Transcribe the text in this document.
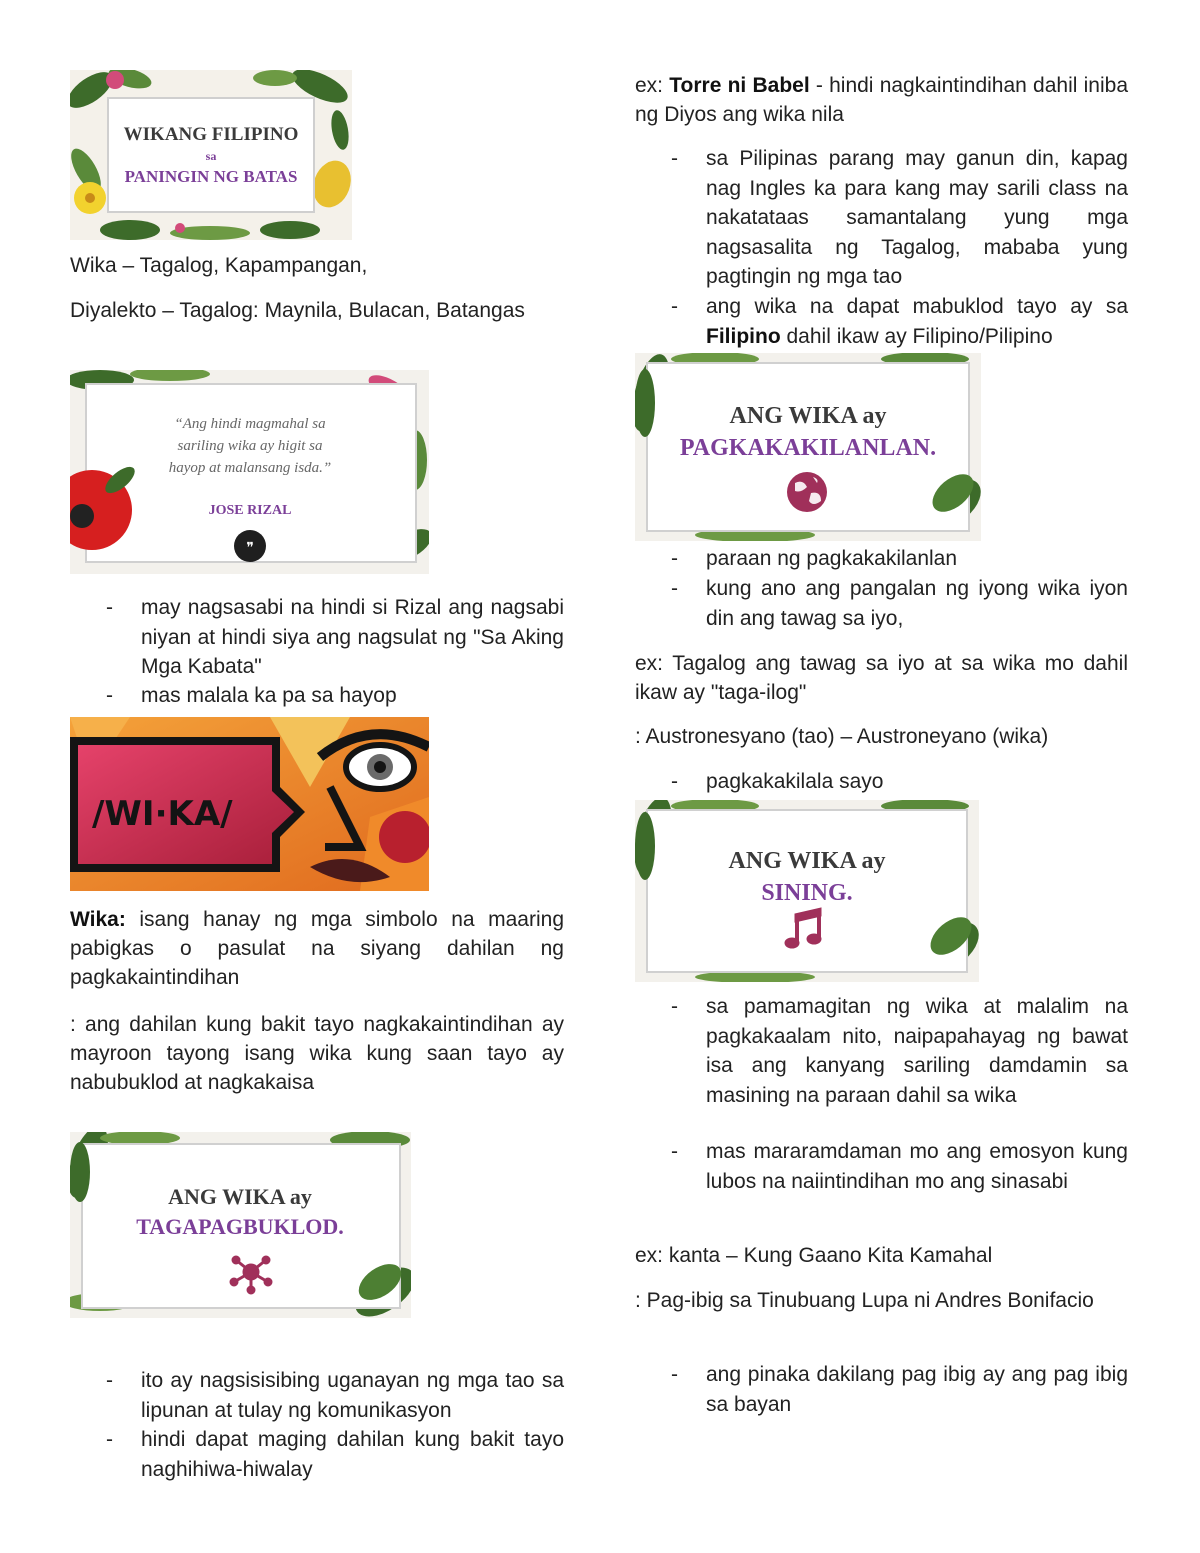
WIKANG FILIPINO
sa
PANINGIN NG BATAS
Wika – Tagalog, Kapampangan,
Diyalekto – Tagalog: Maynila, Bulacan, Batangas
“Ang hindi magmahal sa
sariling wika ay higit sa
hayop at malansang isda.”
JOSE RIZAL
❞
- may nagsasabi na hindi si Rizal ang nagsabi niyan at hindi siya ang nagsulat ng "Sa Aking Mga Kabata"
- mas malala ka pa sa hayop
/WI·KA/
Wika: isang hanay ng mga simbolo na maaring pabigkas o pasulat na siyang dahilan ng pagkakaintindihan
: ang dahilan kung bakit tayo nagkakaintindihan ay mayroon tayong isang wika kung saan tayo ay nabubuklod at nagkakaisa
ANG WIKA ay
TAGAPAGBUKLOD.
- ito ay nagsisisibing uganayan ng mga tao sa lipunan at tulay ng komunikasyon
- hindi dapat maging dahilan kung bakit tayo naghihiwa-hiwalay
ex: Torre ni Babel - hindi nagkaintindihan dahil iniba ng Diyos ang wika nila
- sa Pilipinas parang may ganun din, kapag nag Ingles ka para kang may sarili class na nakatataas samantalang yung mga nagsasalita ng Tagalog, mababa yung pagtingin ng mga tao
- ang wika na dapat mabuklod tayo ay sa Filipino dahil ikaw ay Filipino/Pilipino
ANG WIKA ay
PAGKAKAKILANLAN.
- paraan ng pagkakakilanlan
- kung ano ang pangalan ng iyong wika iyon din ang tawag sa iyo,
ex: Tagalog ang tawag sa iyo at sa wika mo dahil ikaw ay "taga-ilog"
: Austronesyano (tao) – Austroneyano (wika)
- pagkakakilala sayo
ANG WIKA ay
SINING.
- sa pamamagitan ng wika at malalim na pagkakaalam nito, naipapahayag ng bawat isa ang kanyang sariling damdamin sa masining na paraan dahil sa wika
- mas mararamdaman mo ang emosyon kung lubos na naiintindihan mo ang sinasabi
ex: kanta – Kung Gaano Kita Kamahal
: Pag-ibig sa Tinubuang Lupa ni Andres Bonifacio
- ang pinaka dakilang pag ibig ay ang pag ibig sa bayan
